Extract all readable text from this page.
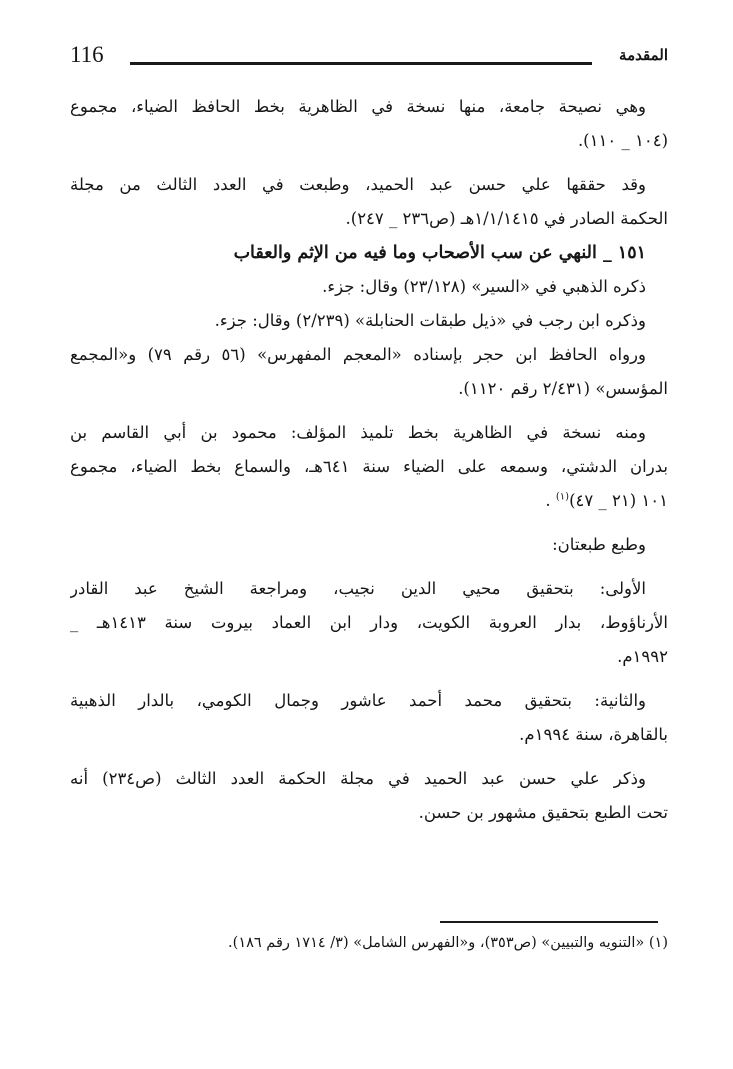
116	المقدمة
وهي نصيحة جامعة، منها نسخة في الظاهرية بخط الحافظ الضياء، مجموع
(١٠٤ _ ١١٠).
وقد حققها علي حسن عبد الحميد، وطبعت في العدد الثالث من مجلة
الحكمة الصادر في ١/١/١٤١٥هـ (ص٢٣٦ _ ٢٤٧).
١٥١ _ النهي عن سب الأصحاب وما فيه من الإثم والعقاب
ذكره الذهبي في «السير» (٢٣/١٢٨) وقال: جزء.
وذكره ابن رجب في «ذيل طبقات الحنابلة» (٢/٢٣٩) وقال: جزء.
ورواه الحافظ ابن حجر بإسناده «المعجم المفهرس» (٥٦ رقم ٧٩) و«المجمع
المؤسس» (٢/٤٣١ رقم ١١٢٠).
ومنه نسخة في الظاهرية بخط تلميذ المؤلف: محمود بن أبي القاسم بن
بدران الدشتي، وسمعه على الضياء سنة ٦٤١هـ، والسماع بخط الضياء، مجموع
١٠١ (٢١ _ ٤٧)$^{(١)}$ .
وطبع طبعتان:
الأولى: بتحقيق محيي الدين نجيب، ومراجعة الشيخ عبد القادر
الأرناؤوط، بدار العروبة الكويت، ودار ابن العماد بيروت سنة ١٤١٣هـ _
١٩٩٢م.
والثانية: بتحقيق محمد أحمد عاشور وجمال الكومي، بالدار الذهبية
بالقاهرة، سنة ١٩٩٤م.
وذكر علي حسن عبد الحميد في مجلة الحكمة العدد الثالث (ص٢٣٤) أنه
تحت الطبع بتحقيق مشهور بن حسن.
(١) «التنويه والتبيين» (ص٣٥٣)، و«الفهرس الشامل» (٣/ ١٧١٤ رقم ١٨٦).
